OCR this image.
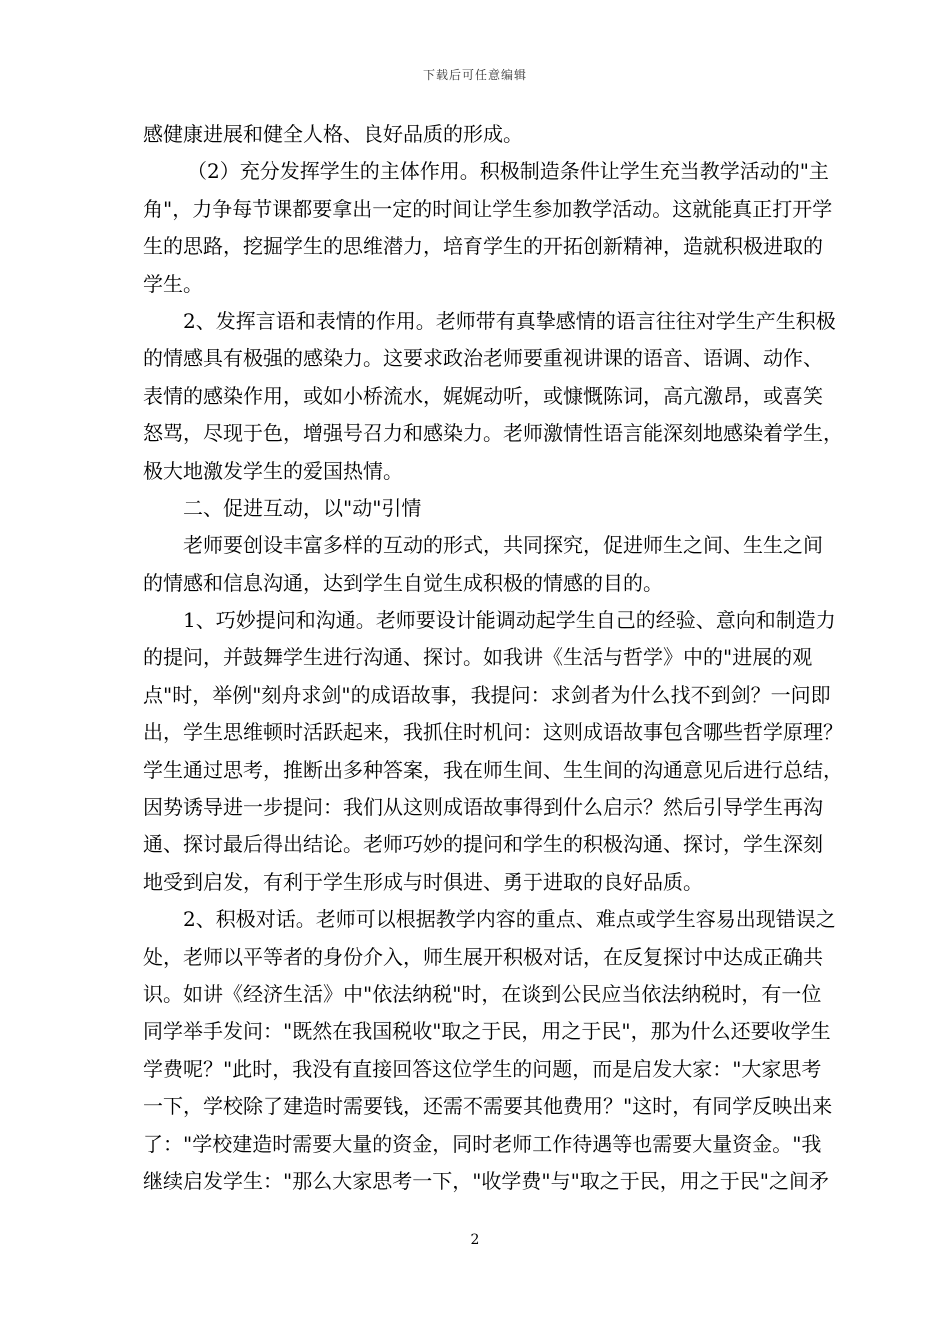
下载后可任意编辑
感健康进展和健全人格、良好品质的形成。
（2）充分发挥学生的主体作用。积极制造条件让学生充当教学活动的"主
角"，力争每节课都要拿出一定的时间让学生参加教学活动。这就能真正打开学
生的思路，挖掘学生的思维潜力，培育学生的开拓创新精神，造就积极进取的
学生。
2、发挥言语和表情的作用。老师带有真挚感情的语言往往对学生产生积极
的情感具有极强的感染力。这要求政治老师要重视讲课的语音、语调、动作、
表情的感染作用，或如小桥流水，娓娓动听，或慷慨陈词，高亢激昂，或喜笑
怒骂，尽现于色，增强号召力和感染力。老师激情性语言能深刻地感染着学生，
极大地激发学生的爱国热情。
二、促进互动，以"动"引情
老师要创设丰富多样的互动的形式，共同探究，促进师生之间、生生之间
的情感和信息沟通，达到学生自觉生成积极的情感的目的。
1、巧妙提问和沟通。老师要设计能调动起学生自己的经验、意向和制造力
的提问，并鼓舞学生进行沟通、探讨。如我讲《生活与哲学》中的"进展的观
点"时，举例"刻舟求剑"的成语故事，我提问：求剑者为什么找不到剑？一问即
出，学生思维顿时活跃起来，我抓住时机问：这则成语故事包含哪些哲学原理？
学生通过思考，推断出多种答案，我在师生间、生生间的沟通意见后进行总结，
因势诱导进一步提问：我们从这则成语故事得到什么启示？然后引导学生再沟
通、探讨最后得出结论。老师巧妙的提问和学生的积极沟通、探讨，学生深刻
地受到启发，有利于学生形成与时俱进、勇于进取的良好品质。
2、积极对话。老师可以根据教学内容的重点、难点或学生容易出现错误之
处，老师以平等者的身份介入，师生展开积极对话，在反复探讨中达成正确共
识。如讲《经济生活》中"依法纳税"时，在谈到公民应当依法纳税时，有一位
同学举手发问："既然在我国税收"取之于民，用之于民"，那为什么还要收学生
学费呢？"此时，我没有直接回答这位学生的问题，而是启发大家："大家思考
一下，学校除了建造时需要钱，还需不需要其他费用？"这时，有同学反映出来
了："学校建造时需要大量的资金，同时老师工作待遇等也需要大量资金。"我
继续启发学生："那么大家思考一下，"收学费"与"取之于民，用之于民"之间矛
2
